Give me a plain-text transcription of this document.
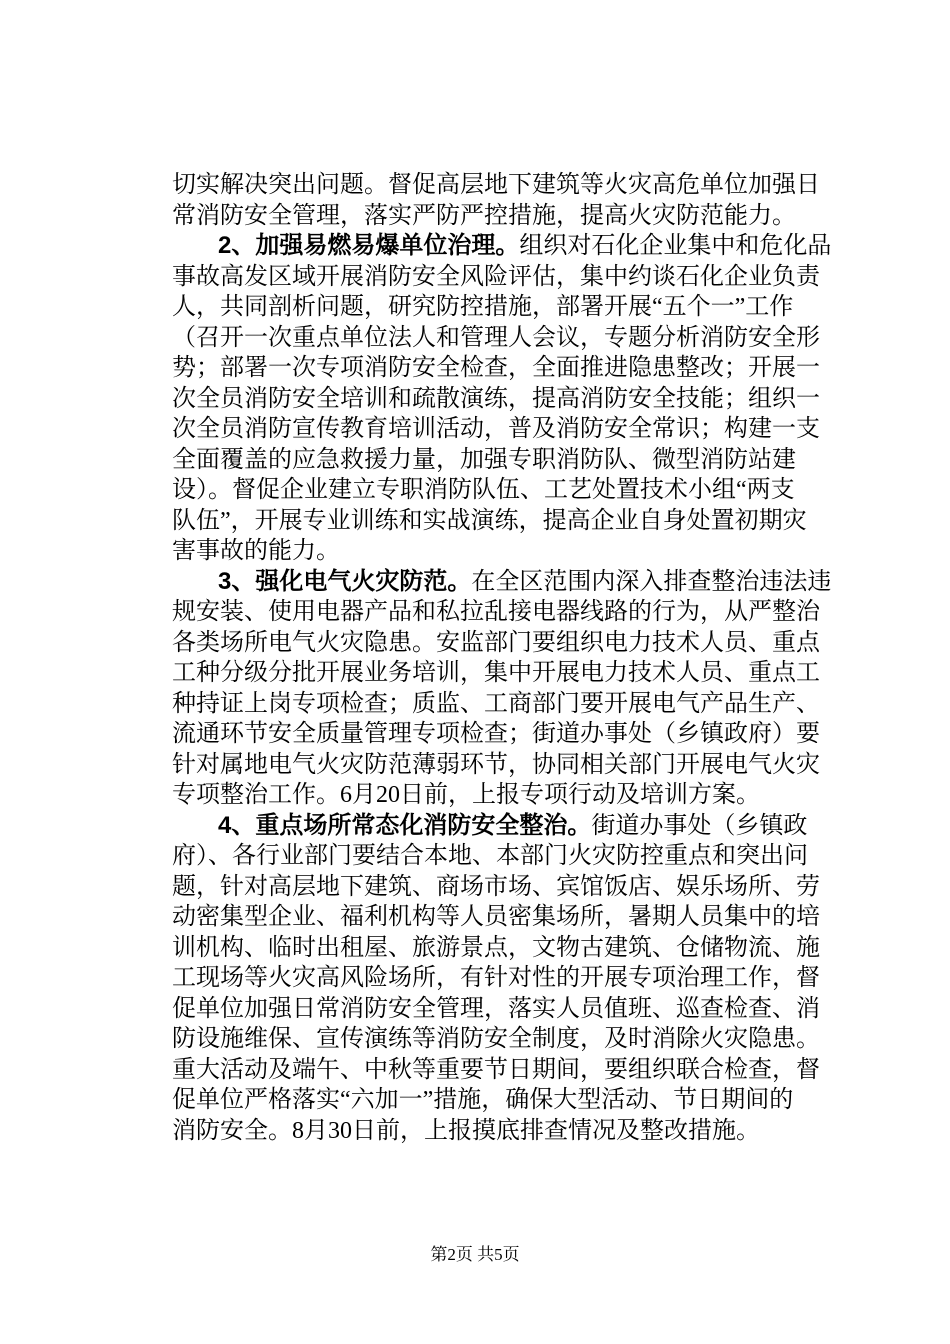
切实解决突出问题。督促高层地下建筑等火灾高危单位加强日
常消防安全管理，落实严防严控措施，提高火灾防范能力。
2、加强易燃易爆单位治理。组织对石化企业集中和危化品
事故高发区域开展消防安全风险评估，集中约谈石化企业负责
人，共同剖析问题，研究防控措施，部署开展“五个一”工作
（召开一次重点单位法人和管理人会议，专题分析消防安全形
势；部署一次专项消防安全检查，全面推进隐患整改；开展一
次全员消防安全培训和疏散演练，提高消防安全技能；组织一
次全员消防宣传教育培训活动，普及消防安全常识；构建一支
全面覆盖的应急救援力量，加强专职消防队、微型消防站建
设）。督促企业建立专职消防队伍、工艺处置技术小组“两支
队伍”，开展专业训练和实战演练，提高企业自身处置初期灾
害事故的能力。
3、强化电气火灾防范。在全区范围内深入排查整治违法违
规安装、使用电器产品和私拉乱接电器线路的行为，从严整治
各类场所电气火灾隐患。安监部门要组织电力技术人员、重点
工种分级分批开展业务培训，集中开展电力技术人员、重点工
种持证上岗专项检查；质监、工商部门要开展电气产品生产、
流通环节安全质量管理专项检查；街道办事处（乡镇政府）要
针对属地电气火灾防范薄弱环节，协同相关部门开展电气火灾
专项整治工作。6月20日前，上报专项行动及培训方案。
4、重点场所常态化消防安全整治。街道办事处（乡镇政
府）、各行业部门要结合本地、本部门火灾防控重点和突出问
题，针对高层地下建筑、商场市场、宾馆饭店、娱乐场所、劳
动密集型企业、福利机构等人员密集场所，暑期人员集中的培
训机构、临时出租屋、旅游景点，文物古建筑、仓储物流、施
工现场等火灾高风险场所，有针对性的开展专项治理工作，督
促单位加强日常消防安全管理，落实人员值班、巡查检查、消
防设施维保、宣传演练等消防安全制度，及时消除火灾隐患。
重大活动及端午、中秋等重要节日期间，要组织联合检查，督
促单位严格落实“六加一”措施，确保大型活动、节日期间的
消防安全。8月30日前，上报摸底排查情况及整改措施。
第2页 共5页
